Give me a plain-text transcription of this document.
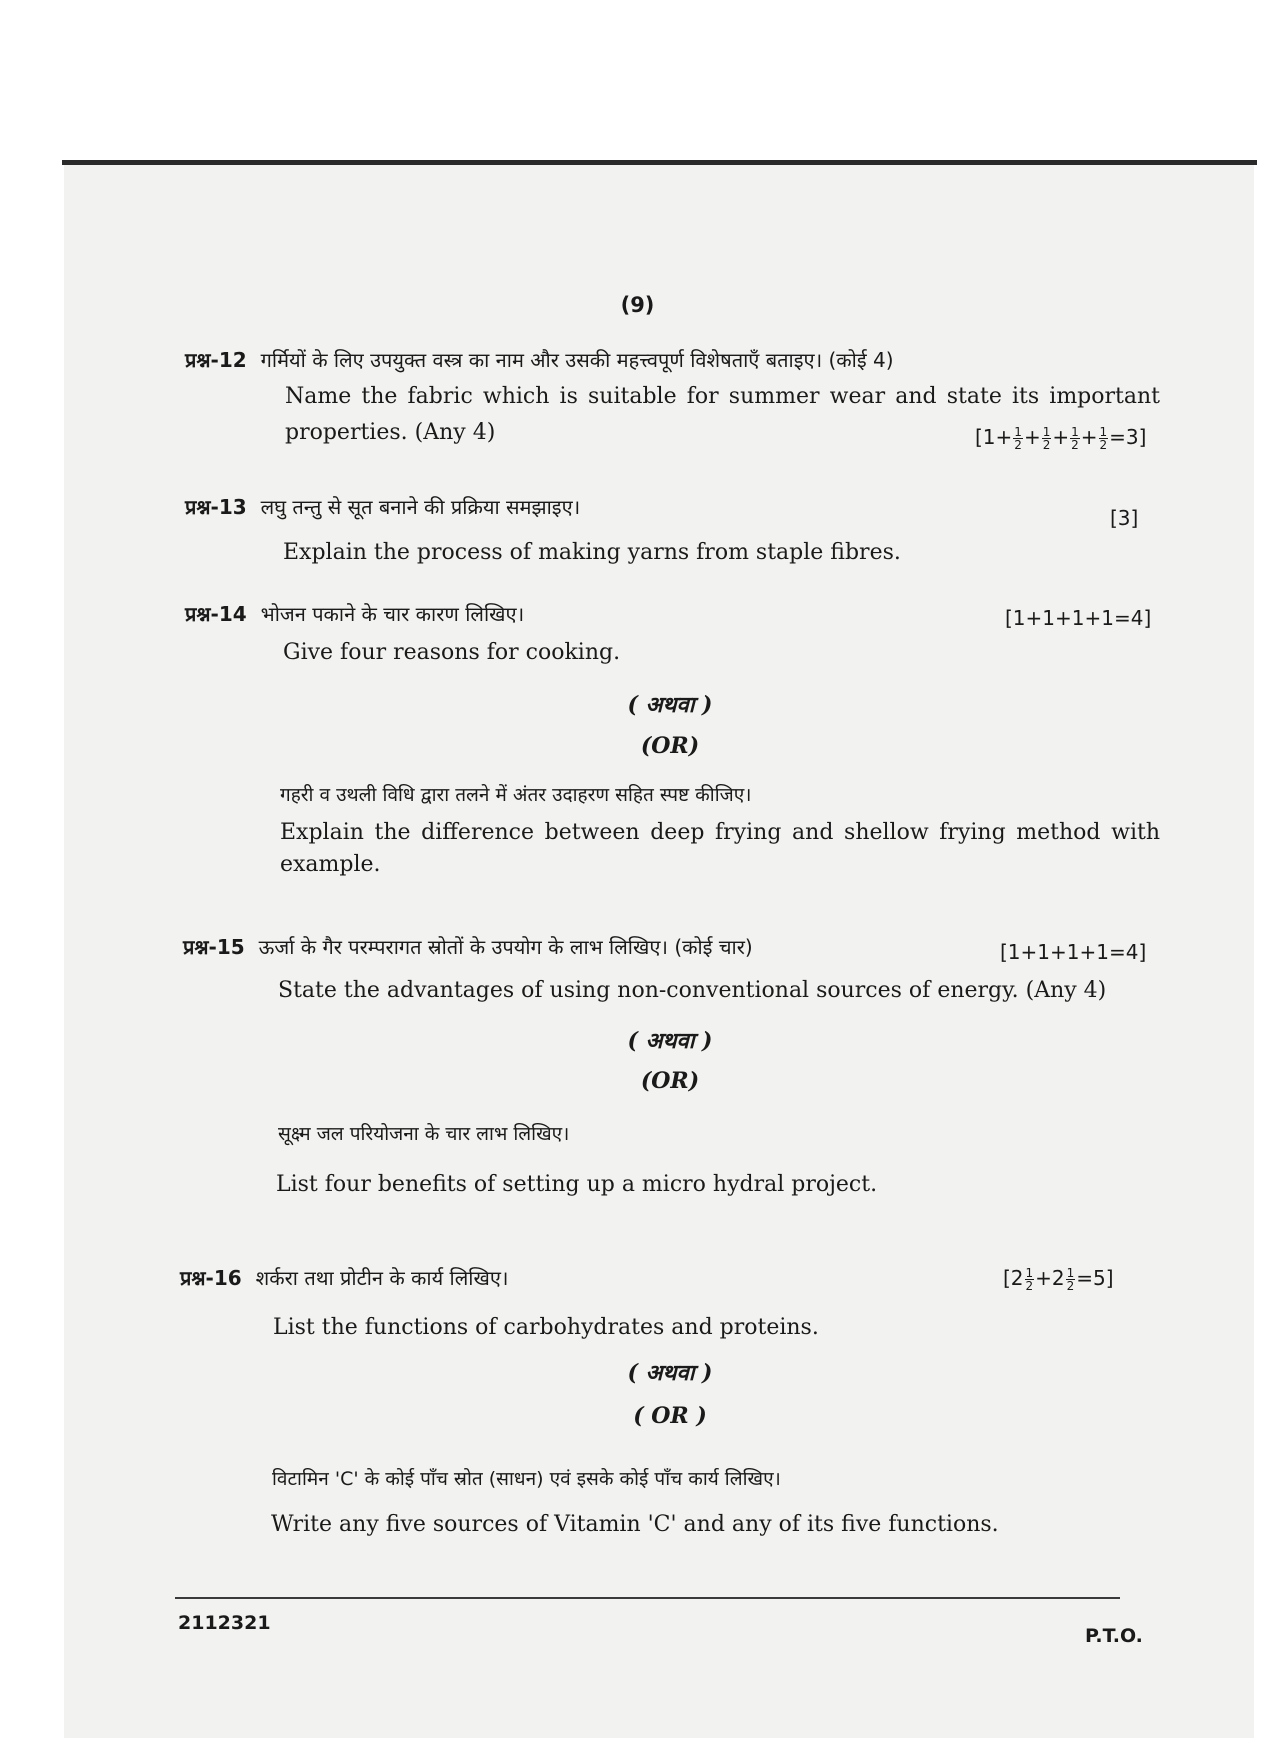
(9)
प्रश्न-12 गर्मियों के लिए उपयुक्त वस्त्र का नाम और उसकी महत्त्वपूर्ण विशेषताएँ बताइए। (कोई 4)
Name the fabric which is suitable for summer wear and state its important
properties. (Any 4)	$[1+ \frac{1}{2} + \frac{1}{2} + \frac{1}{2} + \frac{1}{2} =3]$
प्रश्न-13 लघु तन्तु से सूत बनाने की प्रक्रिया समझाइए।	[3]
Explain the process of making yarns from staple fibres.
प्रश्न-14 भोजन पकाने के चार कारण लिखिए।	[1+1+1+1=4]
Give four reasons for cooking.
( अथवा )
(OR)
गहरी व उथली विधि द्वारा तलने में अंतर उदाहरण सहित स्पष्ट कीजिए।
Explain the difference between deep frying and shellow frying method with
example.
प्रश्न-15 ऊर्जा के गैर परम्परागत स्रोतों के उपयोग के लाभ लिखिए। (कोई चार)	[1+1+1+1=4]
State the advantages of using non-conventional sources of energy. (Any 4)
( अथवा )
(OR)
सूक्ष्म जल परियोजना के चार लाभ लिखिए।
List four benefits of setting up a micro hydral project.
प्रश्न-16 शर्करा तथा प्रोटीन के कार्य लिखिए।	$[2 \frac{1}{2} +2 \frac{1}{2} =5]$
List the functions of carbohydrates and proteins.
( अथवा )
( OR )
विटामिन 'C' के कोई पाँच स्रोत (साधन) एवं इसके कोई पाँच कार्य लिखिए।
Write any five sources of Vitamin 'C' and any of its five functions.
2112321
P.T.O.
